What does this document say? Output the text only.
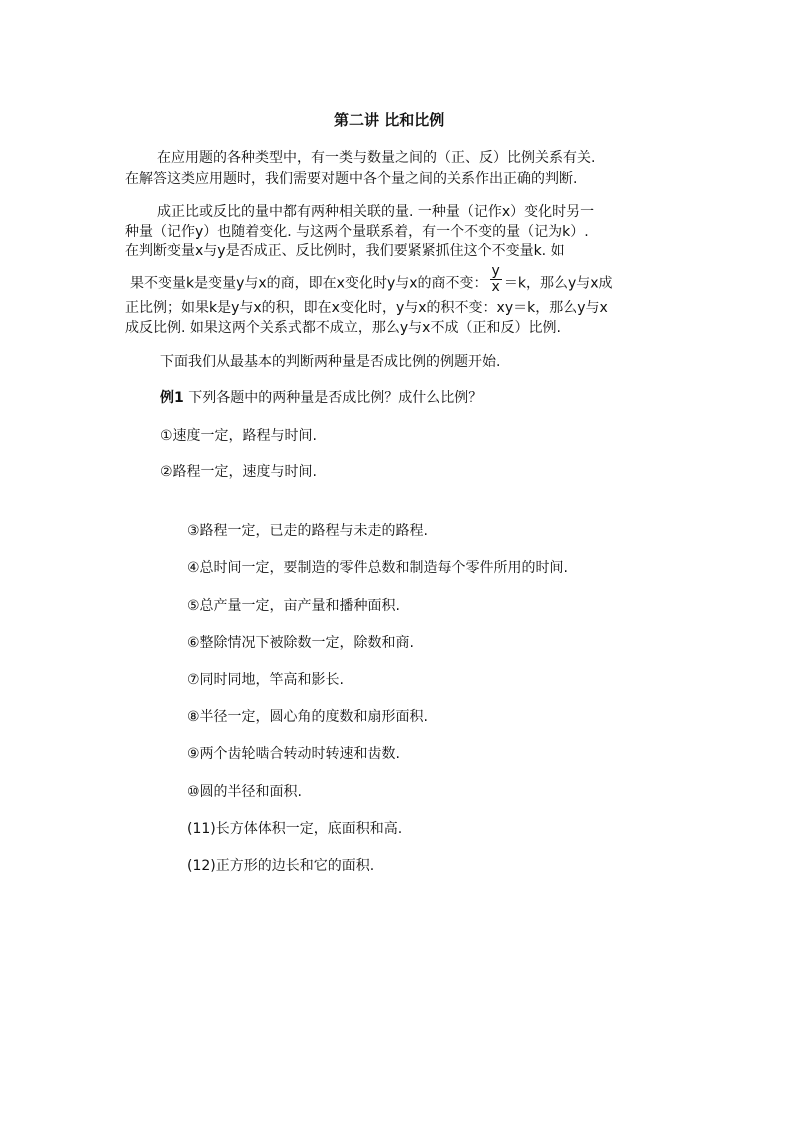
第二讲 比和比例
在应用题的各种类型中，有一类与数量之间的（正、反）比例关系有关.
在解答这类应用题时，我们需要对题中各个量之间的关系作出正确的判断.
成正比或反比的量中都有两种相关联的量. 一种量（记作x）变化时另一
种量（记作y）也随着变化. 与这两个量联系着，有一个不变的量（记为k）.
在判断变量x与y是否成正、反比例时，我们要紧紧抓住这个不变量k. 如
果不变量k是变量y与x的商，即在x变化时y与x的商不变： $\frac{y}{x} =k$，那么y与x成
正比例；如果k是y与x的积，即在x变化时，y与x的积不变：xy＝k，那么y与x
成反比例. 如果这两个关系式都不成立，那么y与x不成（正和反）比例.
下面我们从最基本的判断两种量是否成比例的例题开始.
例1 下列各题中的两种量是否成比例？成什么比例？
①速度一定，路程与时间.
②路程一定，速度与时间.
③路程一定，已走的路程与未走的路程.
④总时间一定，要制造的零件总数和制造每个零件所用的时间.
⑤总产量一定，亩产量和播种面积.
⑥整除情况下被除数一定，除数和商.
⑦同时同地，竿高和影长.
⑧半径一定，圆心角的度数和扇形面积.
⑨两个齿轮啮合转动时转速和齿数.
⑩圆的半径和面积.
(11)长方体体积一定，底面积和高.
(12)正方形的边长和它的面积.
